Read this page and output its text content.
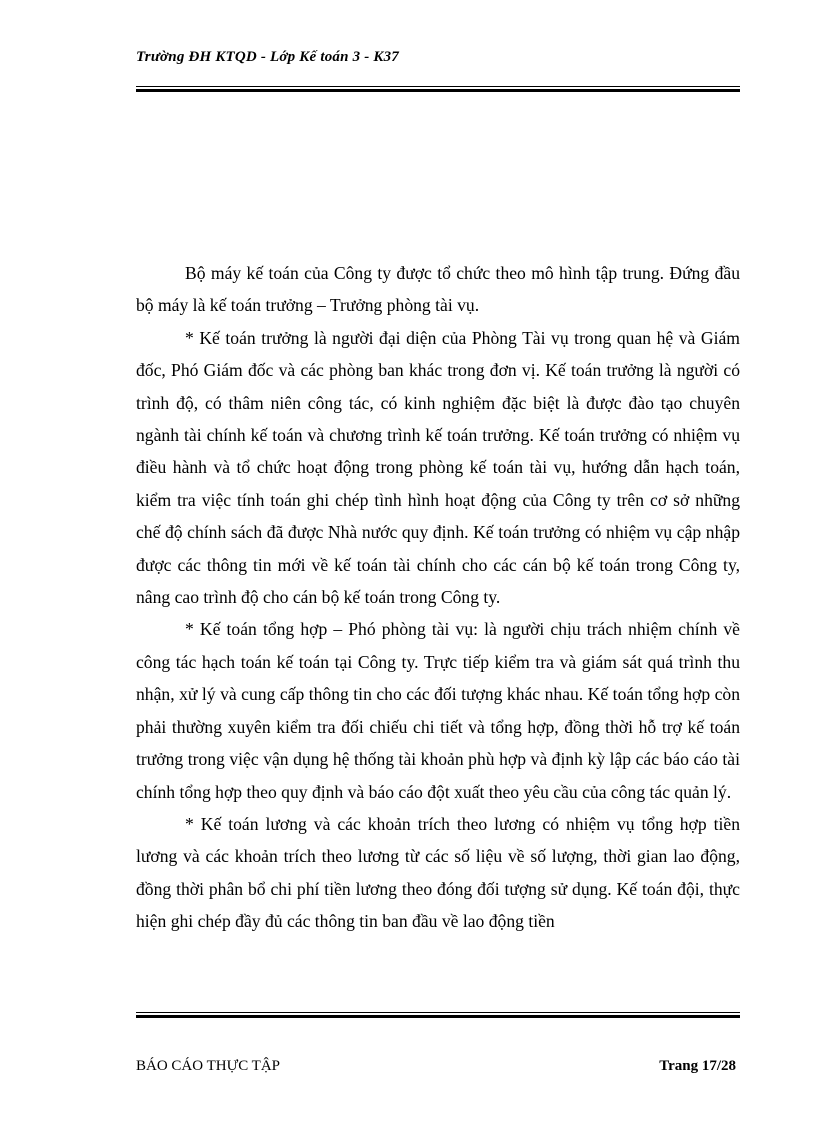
Trường ĐH KTQD - Lớp Kế toán 3 - K37

Bộ máy kế toán của Công ty được tổ chức theo mô hình tập trung. Đứng đầu bộ máy là kế toán trưởng – Trưởng phòng tài vụ.

* Kế toán trưởng là người đại diện của Phòng Tài vụ trong quan hệ và Giám đốc, Phó Giám đốc và các phòng ban khác trong đơn vị. Kế toán trưởng là người có trình độ, có thâm niên công tác, có kinh nghiệm đặc biệt là được đào tạo chuyên ngành tài chính kế toán và chương trình kế toán trưởng. Kế toán trưởng có nhiệm vụ điều hành và tổ chức hoạt động trong phòng kế toán tài vụ, hướng dẫn hạch toán, kiểm tra việc tính toán ghi chép tình hình hoạt động của Công ty trên cơ sở những chế độ chính sách đã được Nhà nước quy định. Kế toán trưởng có nhiệm vụ cập nhập được các thông tin mới về kế toán tài chính cho các cán bộ kế toán trong Công ty, nâng cao trình độ cho cán bộ kế toán trong Công ty.

* Kế toán tổng hợp – Phó phòng tài vụ: là người chịu trách nhiệm chính về công tác hạch toán kế toán tại Công ty. Trực tiếp kiểm tra và giám sát quá trình thu nhận, xử lý và cung cấp thông tin cho các đối tượng khác nhau. Kế toán tổng hợp còn phải thường xuyên kiểm tra đối chiếu chi tiết và tổng hợp, đồng thời hỗ trợ kế toán trưởng trong việc vận dụng hệ thống tài khoản phù hợp và định kỳ lập các báo cáo tài chính tổng hợp theo quy định và báo cáo đột xuất theo yêu cầu của công tác quản lý.

* Kế toán lương và các khoản trích theo lương có nhiệm vụ tổng hợp tiền lương và các khoản trích theo lương từ các số liệu về số lượng, thời gian lao động, đồng thời phân bổ chi phí tiền lương theo đóng đối tượng sử dụng. Kế toán đội, thực hiện ghi chép đầy đủ các thông tin ban đầu về lao động tiền

BÁO CÁO THỰC TẬP	Trang 17/28
